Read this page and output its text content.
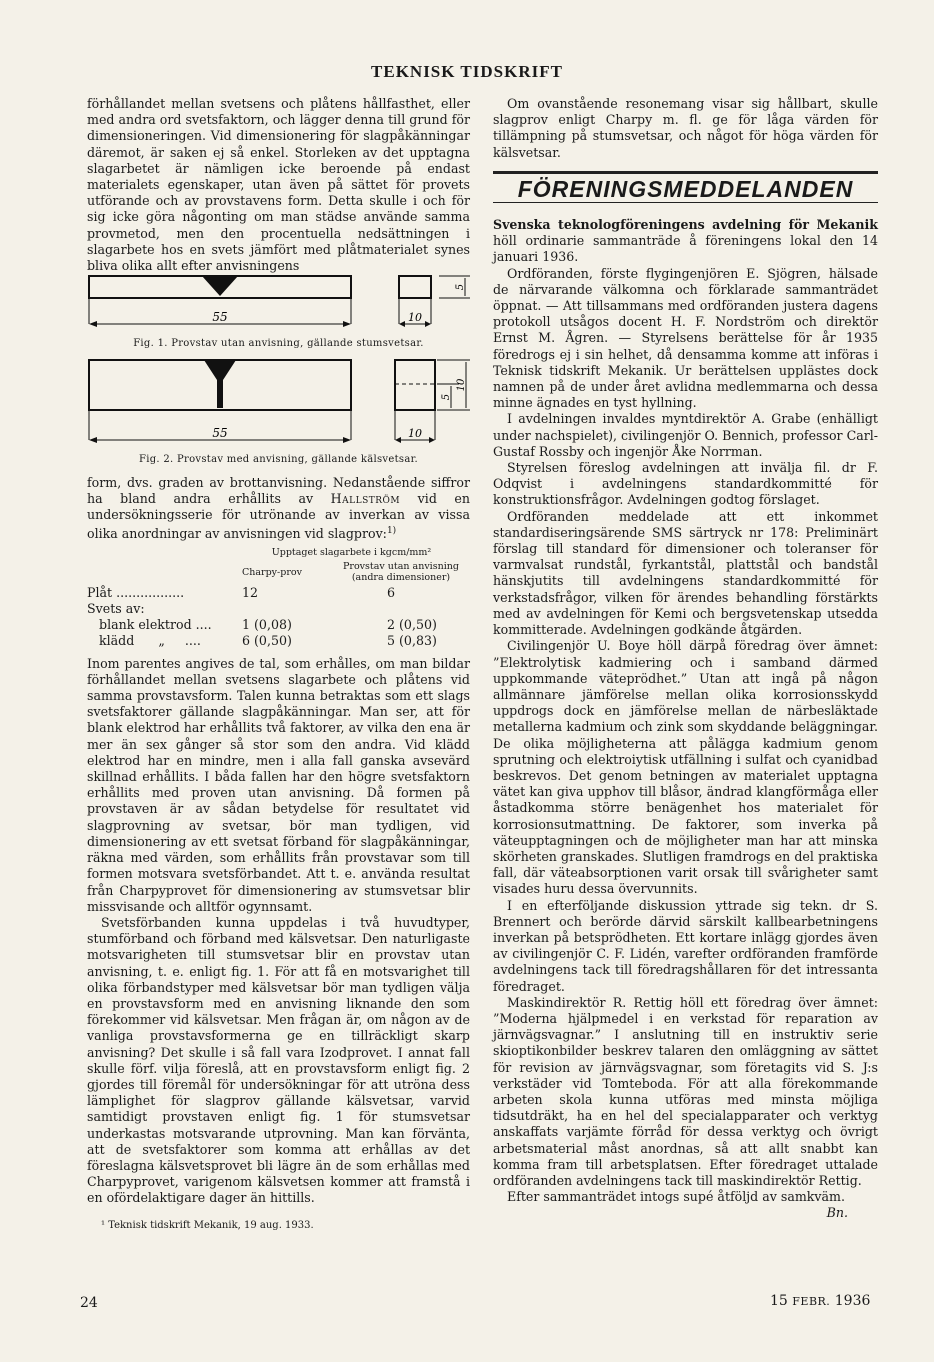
TEKNISK TIDSKRIFT

förhållandet mellan svetsens och plåtens hållfasthet, eller med andra ord svetsfaktorn, och lägger denna till grund för dimensioneringen. Vid dimensionering för slagpåkänningar däremot, är saken ej så enkel. Storleken av det upptagna slagarbetet är nämligen icke beroende på endast materialets egenskaper, utan även på sättet för provets utförande och av provstavens form. Detta skulle i och för sig icke göra någonting om man städse använde samma provmetod, men den procentuella nedsättningen i slagarbete hos en svets jämfört med plåtmaterialet synes bliva olika allt efter anvisningens

55	10
5
Fig. 1. Provstav utan anvisning, gällande stumsvetsar.
55	10
5
10
Fig. 2. Provstav med anvisning, gällande kälsvetsar.

form, dvs. graden av brottanvisning. Nedanstående siffror ha bland andra erhållits av Hallström vid en undersökningsserie för utrönande av inverkan av vissa olika anordningar av anvisningen vid slagprov:$^{1)}$

Upptaget slagarbete i kgcm/mm²
Charpy-prov
Provstav utan anvisning (andra dimensioner)
Plåt .................	12	6
Svets av:
blank elektrod ....	1 (0,08)	2 (0,50)
klädd      „     ....	6 (0,50)	5 (0,83)

Inom parentes angives de tal, som erhålles, om man bildar förhållandet mellan svetsens slagarbete och plåtens vid samma provstavsform. Talen kunna betraktas som ett slags svetsfaktorer gällande slagpåkänningar. Man ser, att för blank elektrod har erhållits två faktorer, av vilka den ena är mer än sex gånger så stor som den andra. Vid klädd elektrod har en mindre, men i alla fall ganska avsevärd skillnad erhållits. I båda fallen har den högre svetsfaktorn erhållits med proven utan anvisning. Då formen på provstaven är av sådan betydelse för resultatet vid slagprovning av svetsar, bör man tydligen, vid dimensionering av ett svetsat förband för slagpåkänningar, räkna med värden, som erhållits från provstavar som till formen motsvara svetsförbandet. Att t. e. använda resultat från Charpyprovet för dimensionering av stumsvetsar blir missvisande och alltför ogynnsamt.

Svetsförbanden kunna uppdelas i två huvudtyper, stumförband och förband med kälsvetsar. Den naturligaste motsvarigheten till stumsvetsar blir en provstav utan anvisning, t. e. enligt fig. 1. För att få en motsvarighet till olika förbandstyper med kälsvetsar bör man tydligen välja en provstavsform med en anvisning liknande den som förekommer vid kälsvetsar. Men frågan är, om någon av de vanliga provstavsformerna ge en tillräckligt skarp anvisning? Det skulle i så fall vara Izodprovet. I annat fall skulle förf. vilja föreslå, att en provstavsform enligt fig. 2 gjordes till föremål för undersökningar för att utröna dess lämplighet för slagprov gällande kälsvetsar, varvid samtidigt provstaven enligt fig. 1 för stumsvetsar underkastas motsvarande utprovning. Man kan förvänta, att de svetsfaktorer som komma att erhållas av det föreslagna kälsvetsprovet bli lägre än de som erhållas med Charpyprovet, varigenom kälsvetsen kommer att framstå i en ofördelaktigare dager än hittills.

¹ Teknisk tidskrift Mekanik, 19 aug. 1933.

Om ovanstående resonemang visar sig hållbart, skulle slagprov enligt Charpy m. fl. ge för låga värden för tillämpning på stumsvetsar, och något för höga värden för kälsvetsar.

FÖRENINGSMEDDELANDEN

Svenska teknologföreningens avdelning för Mekanik höll ordinarie sammanträde å föreningens lokal den 14 januari 1936.

Ordföranden, förste flygingenjören E. Sjögren, hälsade de närvarande välkomna och förklarade sammanträdet öppnat. — Att tillsammans med ordföranden justera dagens protokoll utsågos docent H. F. Nordström och direktör Ernst M. Ågren. — Styrelsens berättelse för år 1935 föredrogs ej i sin helhet, då densamma komme att införas i Teknisk tidskrift Mekanik. Ur berättelsen upplästes dock namnen på de under året avlidna medlemmarna och dessa minne ägnades en tyst hyllning.

I avdelningen invaldes myntdirektör A. Grabe (enhälligt under nachspielet), civilingenjör O. Bennich, professor Carl-Gustaf Rossby och ingenjör Åke Norrman.

Styrelsen föreslog avdelningen att invälja fil. dr F. Odqvist i avdelningens standardkommitté för konstruktionsfrågor. Avdelningen godtog förslaget.

Ordföranden meddelade att ett inkommet standardiseringsärende SMS särtryck nr 178: Preliminärt förslag till standard för dimensioner och toleranser för varmvalsat rundstål, fyrkantstål, plattstål och bandstål hänskjutits till avdelningens standardkommitté för verkstadsfrågor, vilken för ärendes behandling förstärkts med av avdelningen för Kemi och bergsvetenskap utsedda kommitterade. Avdelningen godkände åtgärden.

Civilingenjör U. Boye höll därpå föredrag över ämnet: ”Elektrolytisk kadmiering och i samband därmed uppkommande väteprödhet.” Utan att ingå på någon allmännare jämförelse mellan olika korrosionsskydd uppdrogs dock en jämförelse mellan de närbesläktade metallerna kadmium och zink som skyddande beläggningar. De olika möjligheterna att pålägga kadmium genom sprutning och elektroiytisk utfällning i sulfat och cyanidbad beskrevos. Det genom betningen av materialet upptagna vätet kan giva upphov till blåsor, ändrad klangförmåga eller åstadkomma större benägenhet hos materialet för korrosionsutmattning. De faktorer, som inverka på väteupptagningen och de möjligheter man har att minska skörheten granskades. Slutligen framdrogs en del praktiska fall, där väteabsorptionen varit orsak till svårigheter samt visades huru dessa övervunnits.

I en efterföljande diskussion yttrade sig tekn. dr S. Brennert och berörde därvid särskilt kallbearbetningens inverkan på betsprödheten. Ett kortare inlägg gjordes även av civilingenjör C. F. Lidén, varefter ordföranden framförde avdelningens tack till föredragshållaren för det intressanta föredraget.

Maskindirektör R. Rettig höll ett föredrag över ämnet: ”Moderna hjälpmedel i en verkstad för reparation av järnvägsvagnar.” I anslutning till en instruktiv serie skioptikonbilder beskrev talaren den omläggning av sättet för revision av järnvägsvagnar, som företagits vid S. J:s verkstäder vid Tomteboda. För att alla förekommande arbeten skola kunna utföras med minsta möjliga tidsutdräkt, ha en hel del specialapparater och verktyg anskaffats varjämte förråd för dessa verktyg och övrigt arbetsmaterial måst anordnas, så att allt snabbt kan komma fram till arbetsplatsen. Efter föredraget uttalade ordföranden avdelningens tack till maskindirektör Rettig.

Efter sammanträdet intogs supé åtföljd av samkväm.

Bn.
24	15 FEBR. 1936
